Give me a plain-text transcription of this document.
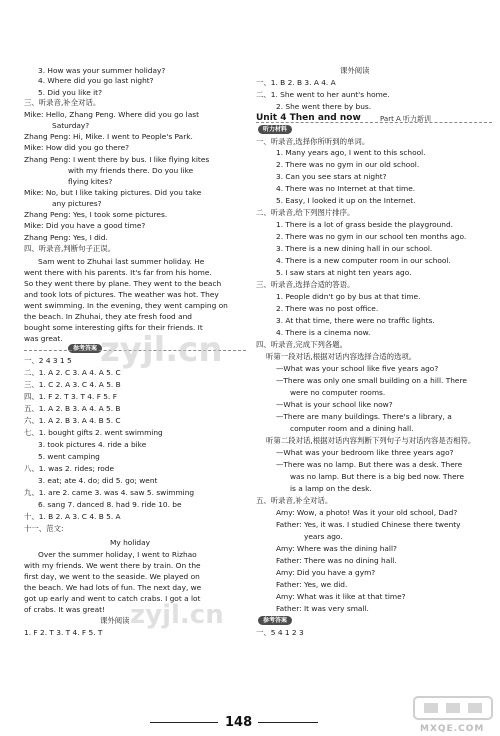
3. How was your summer holiday?
4. Where did you go last night?
5. Did you like it?
三、听录音,补全对话。
Mike: Hello, Zhang Peng. Where did you go last
Saturday?
Zhang Peng: Hi, Mike. I went to People's Park.
Mike: How did you go there?
Zhang Peng: I went there by bus. I like flying kites
with my friends there. Do you like
flying kites?
Mike: No, but I like taking pictures. Did you take
any pictures?
Zhang Peng: Yes, I took some pictures.
Mike: Did you have a good time?
Zhang Peng: Yes, I did.
四、听录音,判断句子正误。
Sam went to Zhuhai last summer holiday. He
went there with his parents. It's far from his home.
So they went there by plane. They went to the beach
and took lots of pictures. The weather was hot. They
went swimming. In the evening, they went camping on
the beach. In Zhuhai, they ate fresh food and
bought some interesting gifts for their friends. It
was great.
一、2 4 3 1 5
二、1. A 2. C 3. A 4. A 5. C
三、1. C 2. A 3. C 4. A 5. B
四、1. F 2. T 3. T 4. F 5. F
五、1. A 2. B 3. A 4. A 5. B
六、1. A 2. B 3. A 4. B 5. C
七、1. bought gifts 2. went swimming
3. took pictures 4. ride a bike
5. went camping
八、1. was 2. rides; rode
3. eat; ate 4. do; did 5. go; went
九、1. are 2. came 3. was 4. saw 5. swimming
6. sang 7. danced 8. had 9. ride 10. be
十、1. B 2. A 3. C 4. B 5. A
十一、范文:
My holiday
Over the summer holiday, I went to Rizhao
with my friends. We went there by train. On the
first day, we went to the seaside. We played on
the beach. We had lots of fun. The next day, we
got up early and went to catch crabs. I got a lot
of crabs. It was great!
课外阅读
1. F 2. T 3. T 4. F 5. T
课外阅读
一、1. B 2. B 3. A 4. A
二、1. She went to her aunt's home.
2. She went there by bus.
一、听录音,选择你所听到的单词。
1. Many years ago, I went to this school.
2. There was no gym in our old school.
3. Can you see stars at night?
4. There was no Internet at that time.
5. Easy, I looked it up on the Internet.
二、听录音,给下列图片排序。
1. There is a lot of grass beside the playground.
2. There was no gym in our school ten months ago.
3. There is a new dining hall in our school.
4. There is a new computer room in our school.
5. I saw stars at night ten years ago.
三、听录音,选择合适的答语。
1. People didn't go by bus at that time.
2. There was no post office.
3. At that time, there were no traffic lights.
4. There is a cinema now.
四、听录音,完成下列各题。
听第一段对话,根据对话内容选择合适的选项。
—What was your school like five years ago?
—There was only one small building on a hill. There
were no computer rooms.
—What is your school like now?
—There are many buildings. There's a library, a
computer room and a dining hall.
听第二段对话,根据对话内容判断下列句子与对话内容是否相符。
—What was your bedroom like three years ago?
—There was no lamp. But there was a desk. There
was no lamp. But there is a big bed now. There
is a lamp on the desk.
五、听录音,补全对话。
Amy: Wow, a photo! Was it your old school, Dad?
Father: Yes, it was. I studied Chinese there twenty
years ago.
Amy: Where was the dining hall?
Father: There was no dining hall.
Amy: Did you have a gym?
Father: Yes, we did.
Amy: What was it like at that time?
Father: It was very small.
一、5 4 1 2 3
Unit 4 Then and now	Part A 听力新训
参考答案
听力材料
参考答案
zyjl.cn
zyjl.cn
148	MXQE.COM
